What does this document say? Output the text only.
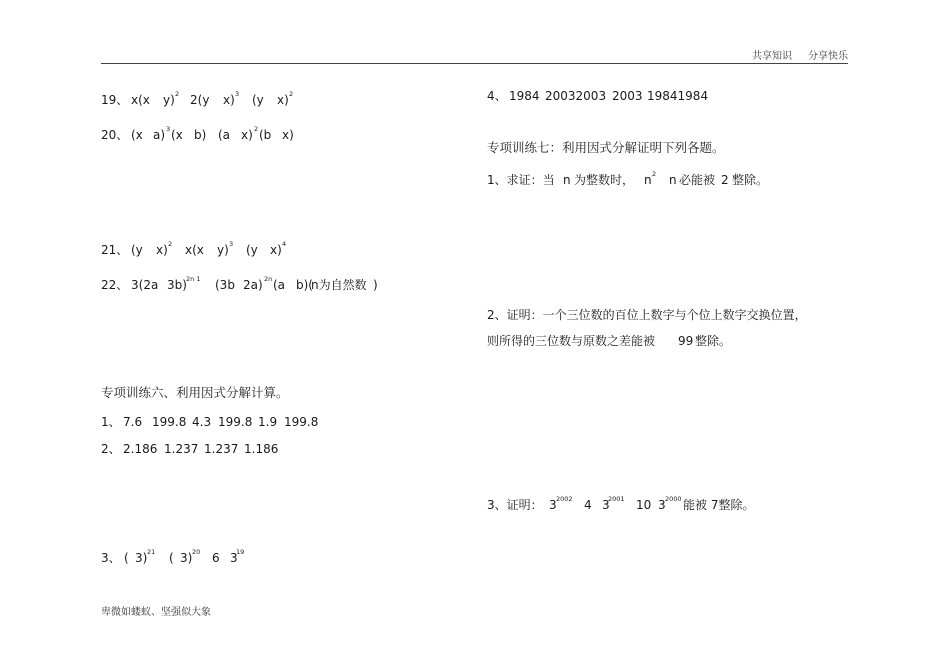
共享知识 分享快乐
19、 x(x y) 2 2(y x) 3 (y x) 2
20、 (x a) 3 (x b) (a x) 2 (b x)
21、 (y x) 2 x(x y) 3 (y x) 4
22、 3(2a 3b) 2n 1 (3b 2a) 2n (a b)(
n为自然数 )
专项训练六、利用因式分解计算。
1、 7.6 199.8 4.3 199.8 1.9 199.8
2、 2.186 1.237 1.237 1.186
3、 ( 3) 21 ( 3) 20 6 3
19
卑微如蝼蚁、坚强似大象
4、 1984 20032003 2003 19841984
专项训练七：利用因式分解证明下列各题。
1、求证：当 n 为整数时， n 2 n 必能被 2 整除。
2、证明：一个三位数的百位上数字与个位上数字交换位置，
则所得的三位数与原数之差能被 99 整除。
3、证明： 3 2002 4 3
2001 10 3 2000 能被 7整除。
